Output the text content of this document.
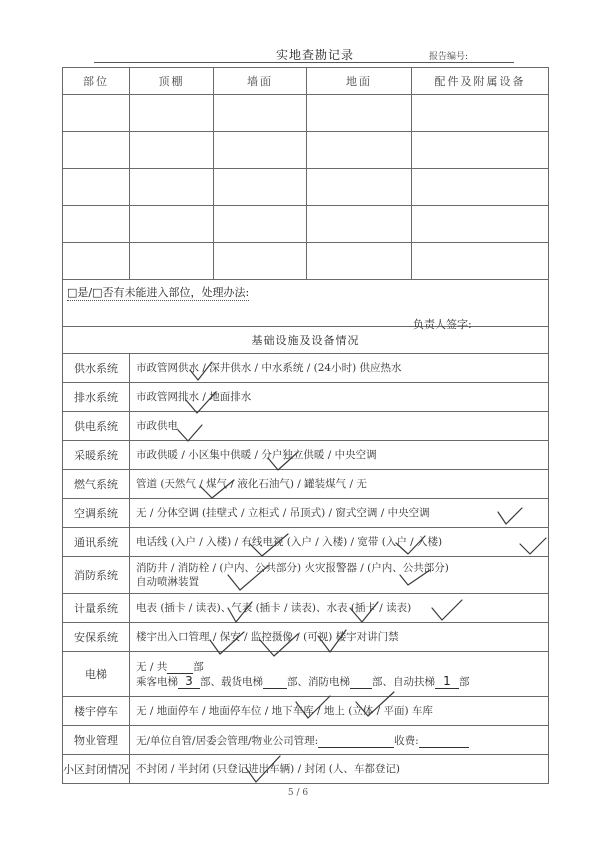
实地查勘记录	报告编号:
部位	顶棚	墙面	地面	配件及附属设备

□是/□否有未能进入部位，处理办法:
负责人签字:				

基础设施及设备情况				
供水系统	市政管网供水 / 深井供水 / 中水系统 / (24小时) 供应热水			
排水系统	市政管网排水 / 地面排水			
供电系统	市政供电			
采暖系统	市政供暖 / 小区集中供暖 / 分户独立供暖 / 中央空调			
燃气系统	管道 (天然气 / 煤气 / 液化石油气) / 罐装煤气 / 无			
空调系统	无 / 分体空调 (挂壁式 / 立柜式 / 吊顶式) / 窗式空调 / 中央空调			
通讯系统	电话线 (入户 / 入楼) / 有线电视 (入户 / 入楼) / 宽带 (入户 / 入楼)			
消防系统	消防井 / 消防栓 / (户内、公共部分) 火灾报警器 / (户内、公共部分)
自动喷淋装置			

计量系统	电表 (插卡 / 读表)、气表 (插卡 / 读表)、水表 (插卡 / 读表)			
安保系统	楼宇出入口管理 / 保安 / 监控摄像 / (可视) 楼宇对讲门禁			
电梯	无 / 共 部
乘客电梯 3 部、载货电梯 部、消防电梯 部、自动扶梯 1 部			

楼宇停车	无 / 地面停车 / 地面停车位 / 地下车库 / 地上 (立体 / 平面) 车库			
物业管理	无/单位自管/居委会管理/物业公司管理: 收费:			
小区封闭情况	不封闭 / 半封闭 (只登记进出车辆) / 封闭 (人、车都登记)			
5 / 6
